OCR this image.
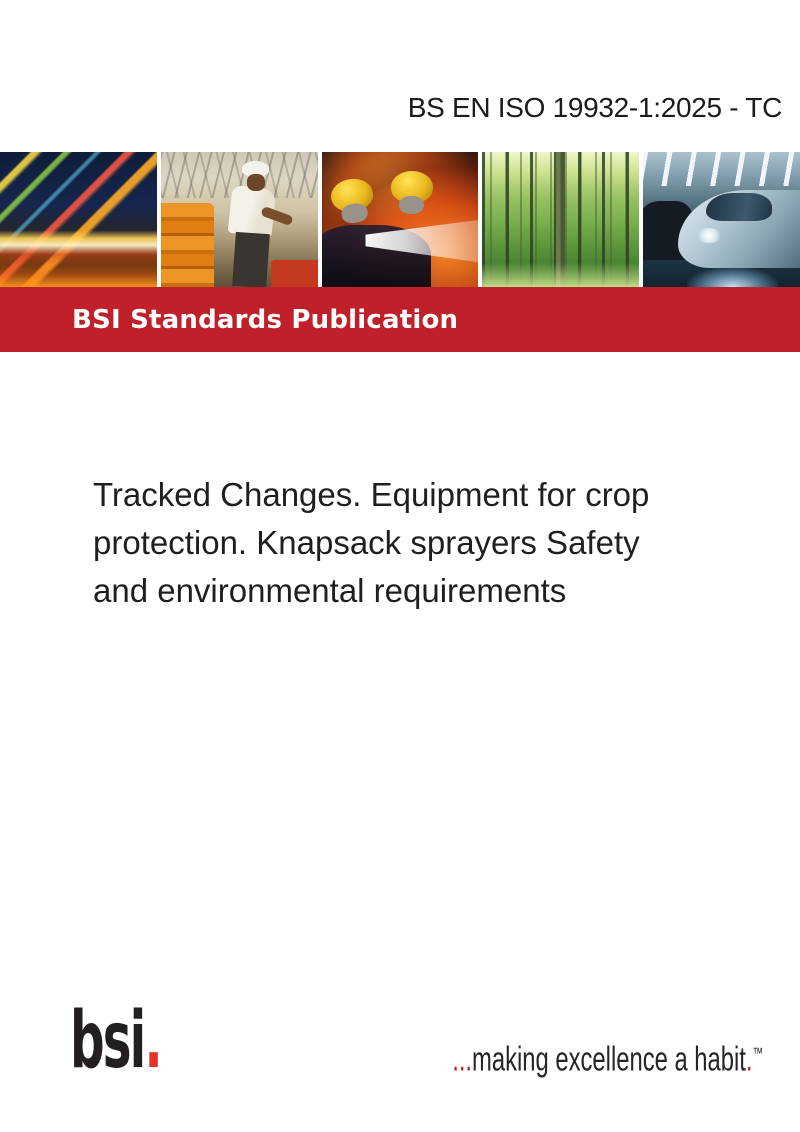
BS EN ISO 19932-1:2025 - TC
BSI Standards Publication
Tracked Changes. Equipment for crop
protection. Knapsack sprayers Safety
and environmental requirements
bsi.	...making excellence a habit.™
